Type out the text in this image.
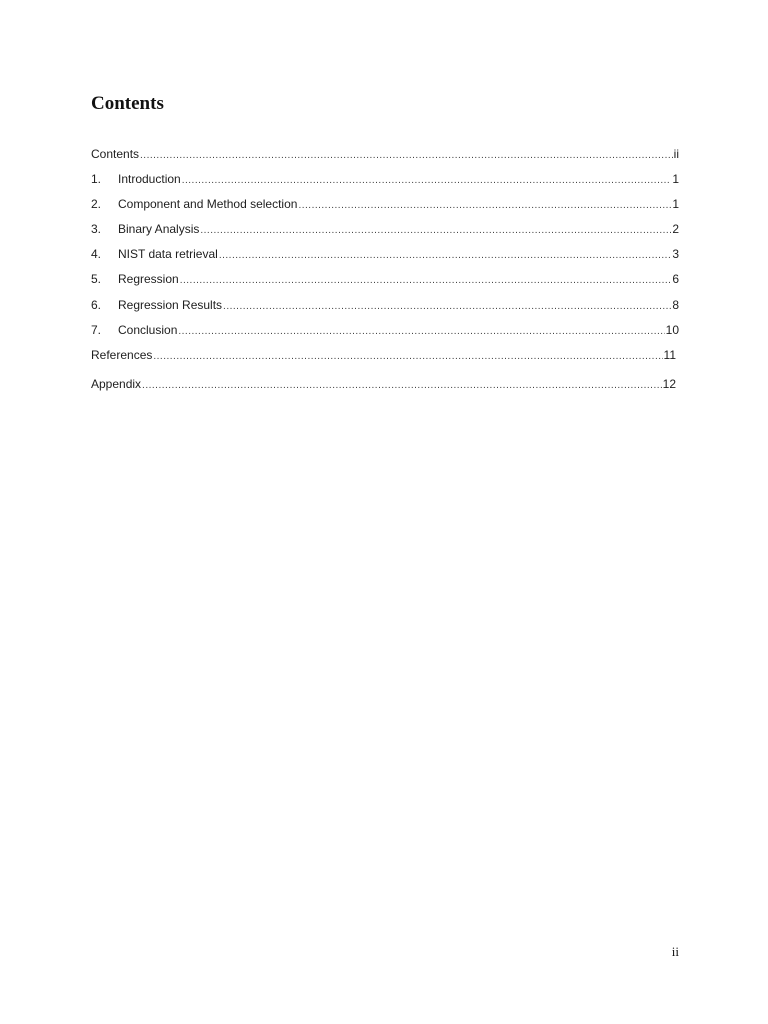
Contents
Contents .....	ii
1.	Introduction .....	1
2.	Component and Method selection .....	1
3.	Binary Analysis .....	2
4.	NIST data retrieval .....	3
5.	Regression .....	6
6.	Regression Results .....	8
7.	Conclusion .....	10
References .....	11
Appendix .....	12
ii
